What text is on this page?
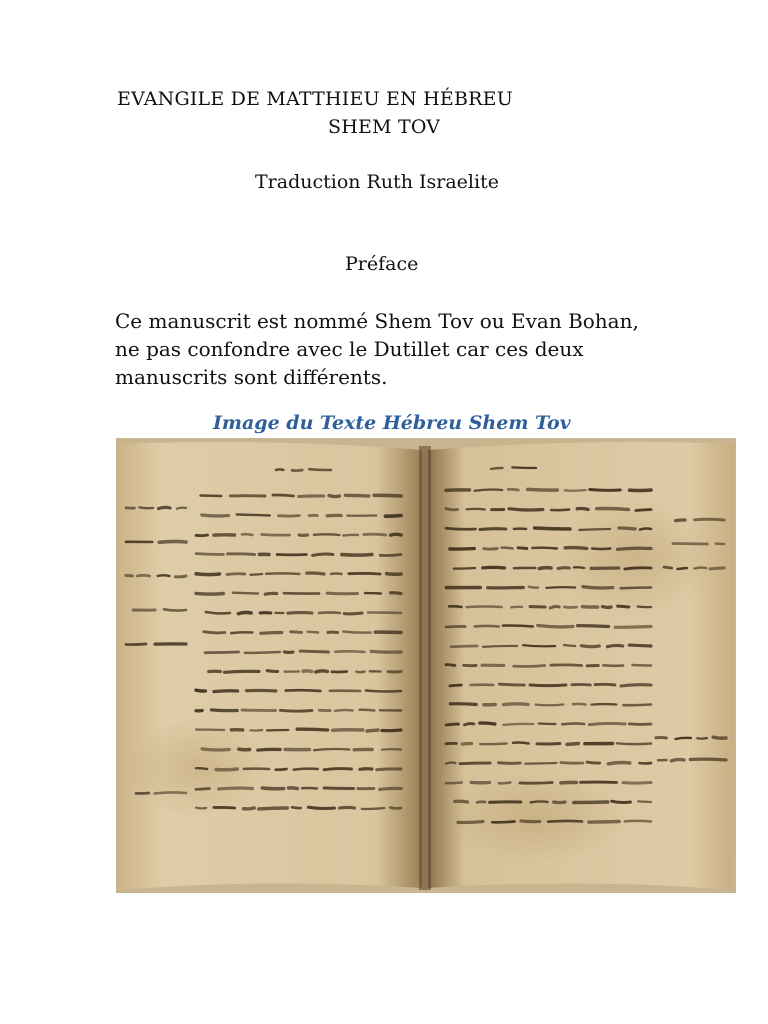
EVANGILE DE MATTHIEU EN HÉBREU
SHEM TOV
Traduction Ruth Israelite
Préface

Ce manuscrit est nommé Shem Tov ou Evan Bohan,
ne pas confondre avec le Dutillet car ces deux
manuscrits sont différents.

Image du Texte Hébreu Shem Tov
